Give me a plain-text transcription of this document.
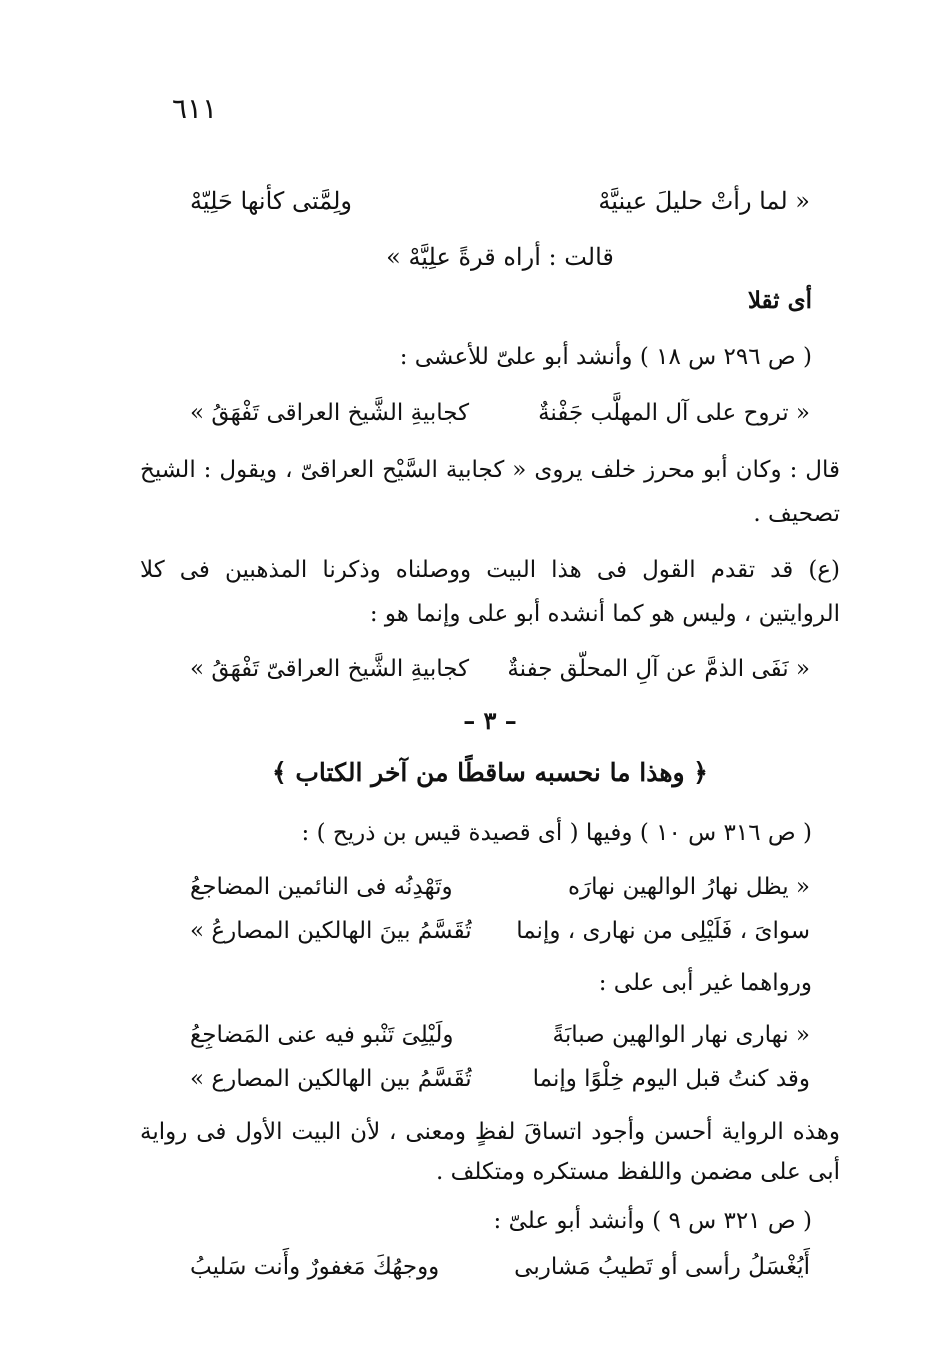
٦١١
« لما رأتْ حليلَ عينيَّهْ
ولِمَّتى كأنها حَلِيّهْ
قالت : أراه قرةً علِيَّهْ »
أى ثقلا
( ص ٢٩٦ س ١٨ ) وأنشد أبو علىّ للأعشى :
« تروح على آل المهلَّب جَفْنةٌ
كجابيةِ الشَّيخ العراقى تَفْهَقُ »
قال : وكان أبو محرز خلف يروى « كجابية السَّيْح العراقىّ ، ويقول : الشيخ تصحيف .
(ع) قد تقدم القول فى هذا البيت ووصلناه وذكرنا المذهبين فى كلا الروايتين ، وليس هو كما أنشده أبو على وإنما هو :
« نَفَى الذمَّ عن آلِ المحلّق جفنةٌ
كجابيةِ الشَّيخ العراقىّ تَفْهَقُ »
– ٣ –
﴿ وهذا ما نحسبه ساقطًا من آخر الكتاب ﴾
( ص ٣١٦ س ١٠ ) وفيها ( أى قصيدة قيس بن ذريح ) :
« يظل نهارُ الوالهين نهارَه
وتَهْدِنُه فى النائمين المضاجعُ
سواىَ ، فَلَيْلِى من نهارى ، وإنما
تُقَسَّمُ بينَ الهالكين المصارعُ »
ورواهما غير أبى على :
« نهارى نهار الوالهين صبابَةً
ولَيْلِىَ تَنْبو فيه عنى المَضاجِعُ
وقد كنتُ قبل اليوم خِلْوًا وإنما
تُقَسَّمُ بين الهالكين المصارع »
وهذه الرواية أحسن وأجود اتساقَ لفظٍ ومعنى ، لأن البيت الأول فى رواية أبى على مضمن واللفظ مستكره ومتكلف .
( ص ٣٢١ س ٩ ) وأنشد أبو علىّ :
أَيُغْسَلُ رأسى أو تَطيبُ مَشاربى
ووجهُكَ مَغفورٌ وأَنت سَليبُ
